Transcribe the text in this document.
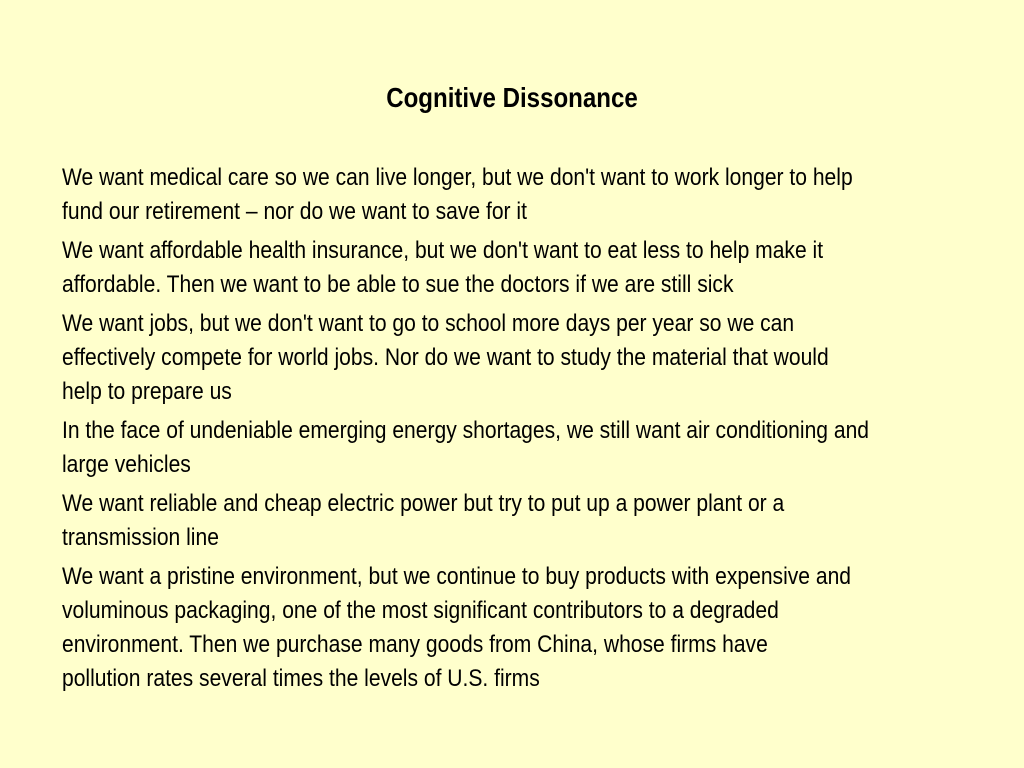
Cognitive Dissonance
We want medical care so we can live longer, but we don't want to work longer to help
fund our retirement – nor do we want to save for it
We want affordable health insurance, but we don't want to eat less to help make it
affordable. Then we want to be able to sue the doctors if we are still sick
We want jobs, but we don't want to go to school more days per year so we can
effectively compete for world jobs. Nor do we want to study the material that would
help to prepare us
In the face of undeniable emerging energy shortages, we still want air conditioning and
large vehicles
We want reliable and cheap electric power but try to put up a power plant or a
transmission line
We want a pristine environment, but we continue to buy products with expensive and
voluminous packaging, one of the most significant contributors to a degraded
environment. Then we purchase many goods from China, whose firms have
pollution rates several times the levels of U.S. firms
